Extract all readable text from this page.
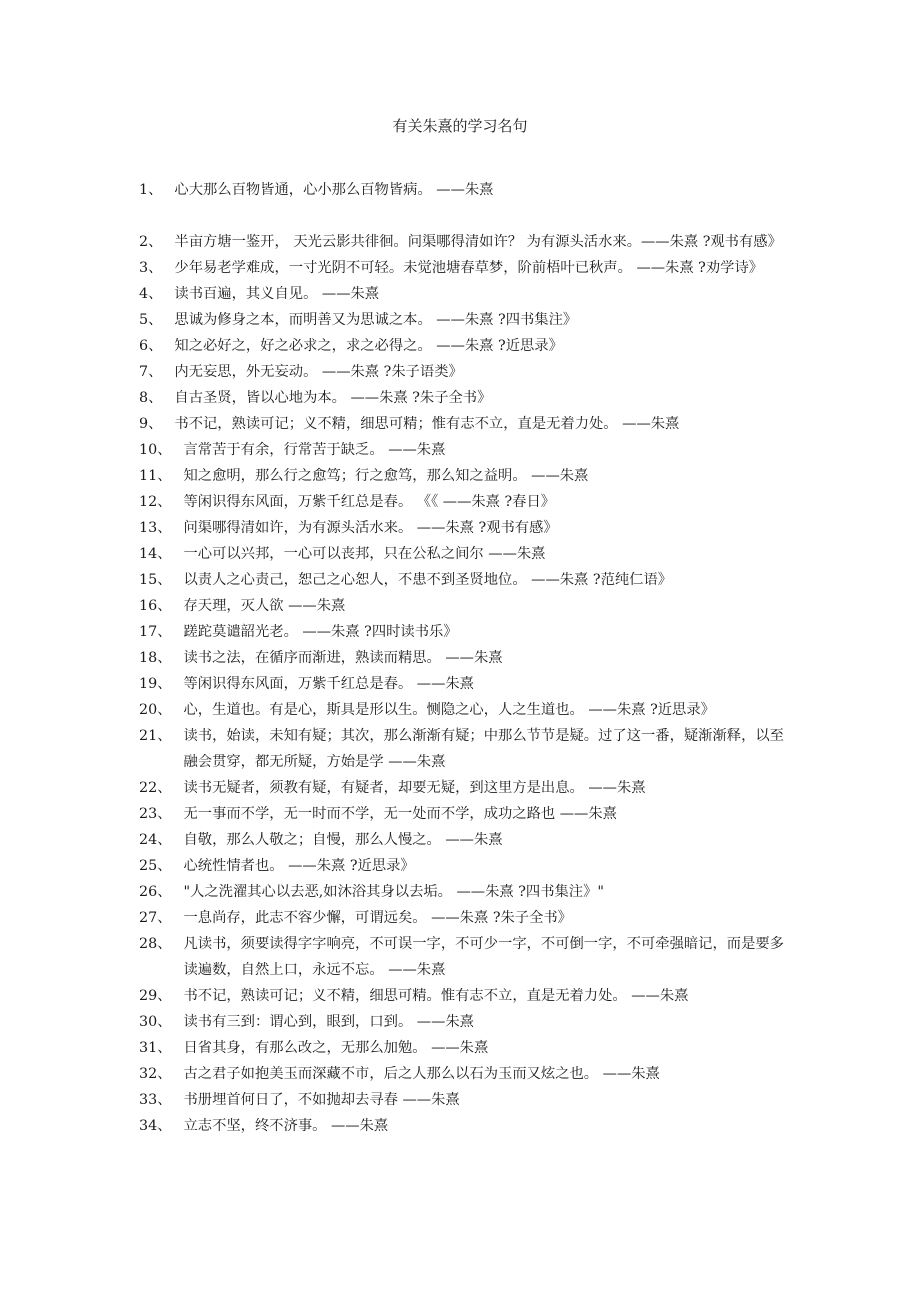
有关朱熹的学习名句
1、 心大那么百物皆通，心小那么百物皆病。 ——朱熹
2、 半亩方塘一鉴开， 天光云影共徘徊。问渠哪得清如许？ 为有源头活水来。——朱熹 ?观书有感》
3、 少年易老学难成，一寸光阴不可轻。未觉池塘春草梦，阶前梧叶已秋声。 ——朱熹 ?劝学诗》
4、 读书百遍，其义自见。 ——朱熹
5、 思诚为修身之本，而明善又为思诚之本。 ——朱熹 ?四书集注》
6、 知之必好之，好之必求之，求之必得之。 ——朱熹 ?近思录》
7、 内无妄思，外无妄动。 ——朱熹 ?朱子语类》
8、 自古圣贤，皆以心地为本。 ——朱熹 ?朱子全书》
9、 书不记，熟读可记；义不精，细思可精；惟有志不立，直是无着力处。 ——朱熹
10、 言常苦于有余，行常苦于缺乏。 ——朱熹
11、 知之愈明，那么行之愈笃；行之愈笃，那么知之益明。 ——朱熹
12、 等闲识得东风面，万紫千红总是春。 《《 ——朱熹 ?春日》
13、 问渠哪得清如许，为有源头活水来。 ——朱熹 ?观书有感》
14、 一心可以兴邦，一心可以丧邦，只在公私之间尔 ——朱熹
15、 以责人之心责己，恕己之心恕人，不患不到圣贤地位。 ——朱熹 ?范纯仁语》
16、 存天理，灭人欲 ——朱熹
17、 蹉跎莫谴韶光老。 ——朱熹 ?四时读书乐》
18、 读书之法，在循序而渐进，熟读而精思。 ——朱熹
19、 等闲识得东风面，万紫千红总是春。 ——朱熹
20、 心，生道也。有是心，斯具是形以生。恻隐之心，人之生道也。 ——朱熹 ?近思录》
21、 读书，始读，未知有疑；其次，那么渐渐有疑；中那么节节是疑。过了这一番，疑渐渐释，以至融会贯穿，都无所疑，方始是学 ——朱熹
22、 读书无疑者，须教有疑，有疑者，却要无疑，到这里方是出息。 ——朱熹
23、 无一事而不学，无一时而不学，无一处而不学，成功之路也 ——朱熹
24、 自敬，那么人敬之；自慢，那么人慢之。 ——朱熹
25、 心统性情者也。 ——朱熹 ?近思录》
26、 "人之洗濯其心以去恶,如沐浴其身以去垢。 ——朱熹 ?四书集注》"
27、 一息尚存，此志不容少懈，可谓远矣。 ——朱熹 ?朱子全书》
28、 凡读书，须要读得字字响亮，不可误一字，不可少一字，不可倒一字，不可牵强暗记，而是要多读遍数，自然上口，永远不忘。 ——朱熹
29、 书不记，熟读可记；义不精，细思可精。惟有志不立，直是无着力处。 ——朱熹
30、 读书有三到：谓心到，眼到，口到。 ——朱熹
31、 日省其身，有那么改之，无那么加勉。 ——朱熹
32、 古之君子如抱美玉而深藏不市，后之人那么以石为玉而又炫之也。 ——朱熹
33、 书册埋首何日了，不如抛却去寻春 ——朱熹
34、 立志不坚，终不济事。 ——朱熹
